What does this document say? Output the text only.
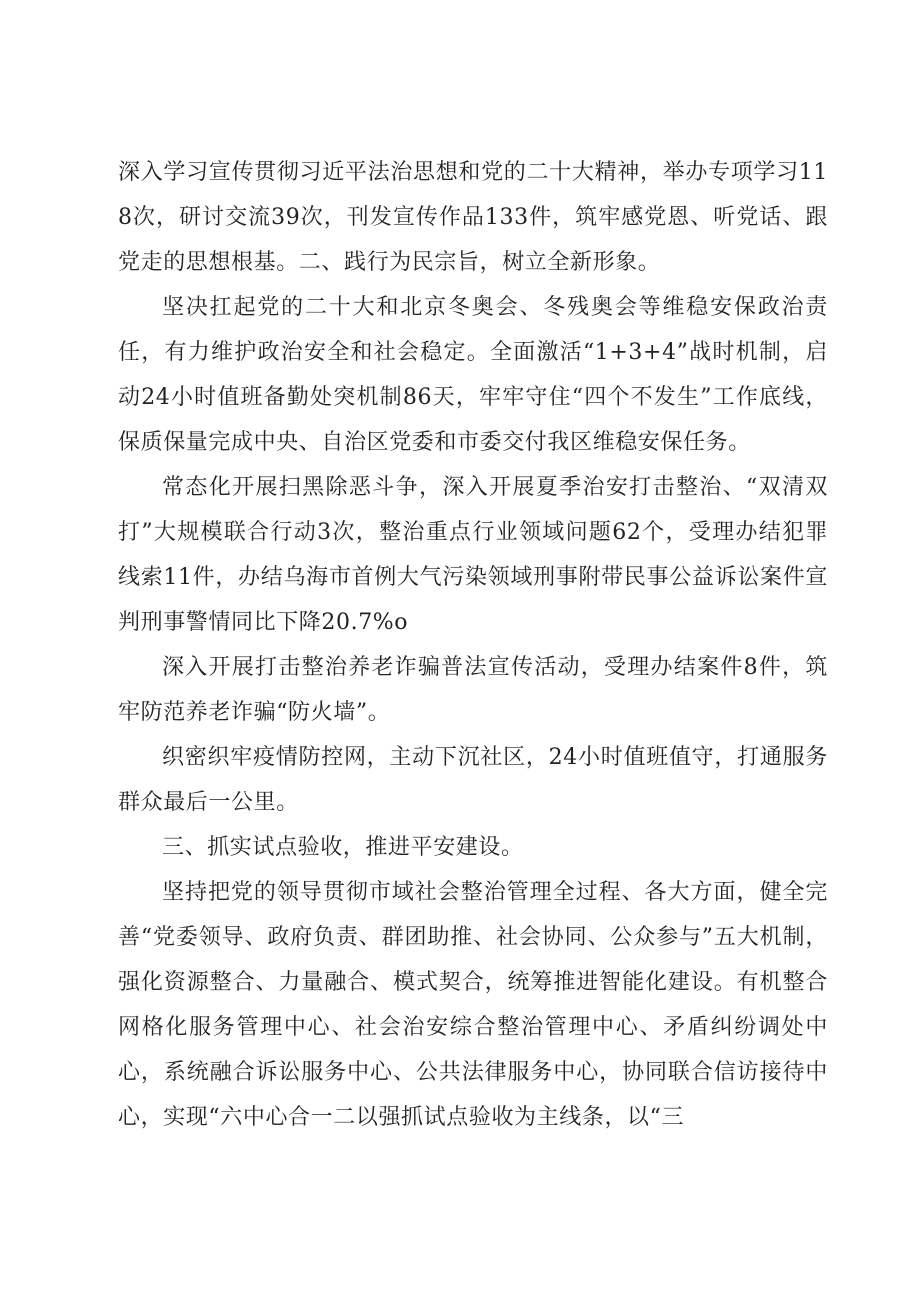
深入学习宣传贯彻习近平法治思想和党的二十大精神，举办专项学习118次，研讨交流39次，刊发宣传作品133件，筑牢感党恩、听党话、跟党走的思想根基。二、践行为民宗旨，树立全新形象。

坚决扛起党的二十大和北京冬奥会、冬残奥会等维稳安保政治责任，有力维护政治安全和社会稳定。全面激活“1+3+4”战时机制，启动24小时值班备勤处突机制86天，牢牢守住“四个不发生”工作底线，保质保量完成中央、自治区党委和市委交付我区维稳安保任务。

常态化开展扫黑除恶斗争，深入开展夏季治安打击整治、“双清双打”大规模联合行动3次，整治重点行业领域问题62个，受理办结犯罪线索11件，办结乌海市首例大气污染领域刑事附带民事公益诉讼案件宣判刑事警情同比下降20.7%o

深入开展打击整治养老诈骗普法宣传活动，受理办结案件8件，筑牢防范养老诈骗“防火墙”。

织密织牢疫情防控网，主动下沉社区，24小时值班值守，打通服务群众最后一公里。

三、抓实试点验收，推进平安建设。

坚持把党的领导贯彻市域社会整治管理全过程、各大方面，健全完善“党委领导、政府负责、群团助推、社会协同、公众参与”五大机制，强化资源整合、力量融合、模式契合，统筹推进智能化建设。有机整合网格化服务管理中心、社会治安综合整治管理中心、矛盾纠纷调处中心，系统融合诉讼服务中心、公共法律服务中心，协同联合信访接待中心，实现“六中心合一二以强抓试点验收为主线条，以“三
